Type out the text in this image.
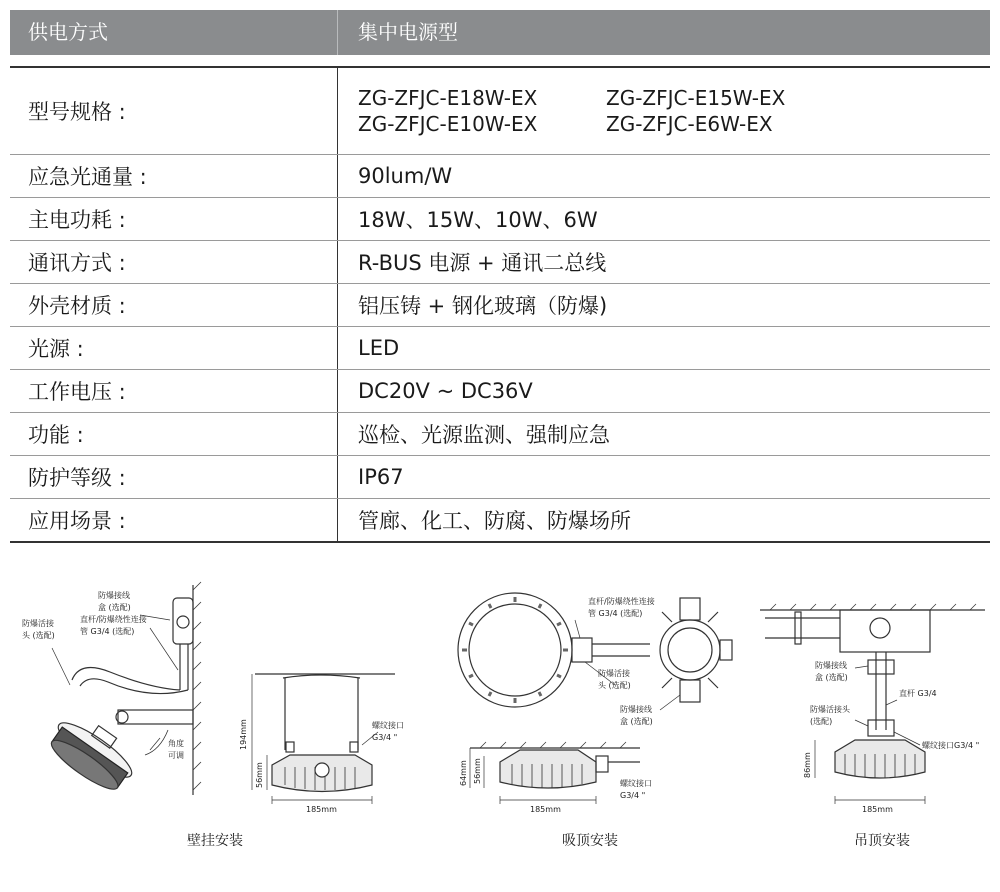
供电方式	集中电源型
型号规格 :
ZG-ZFJC-E18W-EX	ZG-ZFJC-E15W-EX
ZG-ZFJC-E10W-EX	ZG-ZFJC-E6W-EX
应急光通量 :	90lum/W
主电功耗 :	18W、15W、10W、6W
通讯方式 :	R-BUS 电源 + 通讯二总线
外壳材质 :	铝压铸 + 钢化玻璃（防爆)
光源 :	LED
工作电压 :	DC20V ~ DC36V
功能 :	巡检、光源监测、强制应急
防护等级 :	IP67
应用场景 :	管廊、化工、防腐、防爆场所
防爆接线
盒 (选配)
直杆/防爆绕性连接
管 G3/4 (选配)
防爆活接
头 (选配)
角度
可调
194mm
56mm
185mm
螺纹接口
G3/4 "
直杆/防爆绕性连接
管 G3/4 (选配)
防爆活接
头 (选配)
防爆接线
盒 (选配)
64mm 56mm
185mm
螺纹接口
G3/4 "
防爆接线
盒 (选配)
直杆 G3/4
防爆活接头
(选配)
螺纹接口G3/4 "
86mm
185mm
壁挂安装	吸顶安装	吊顶安装
